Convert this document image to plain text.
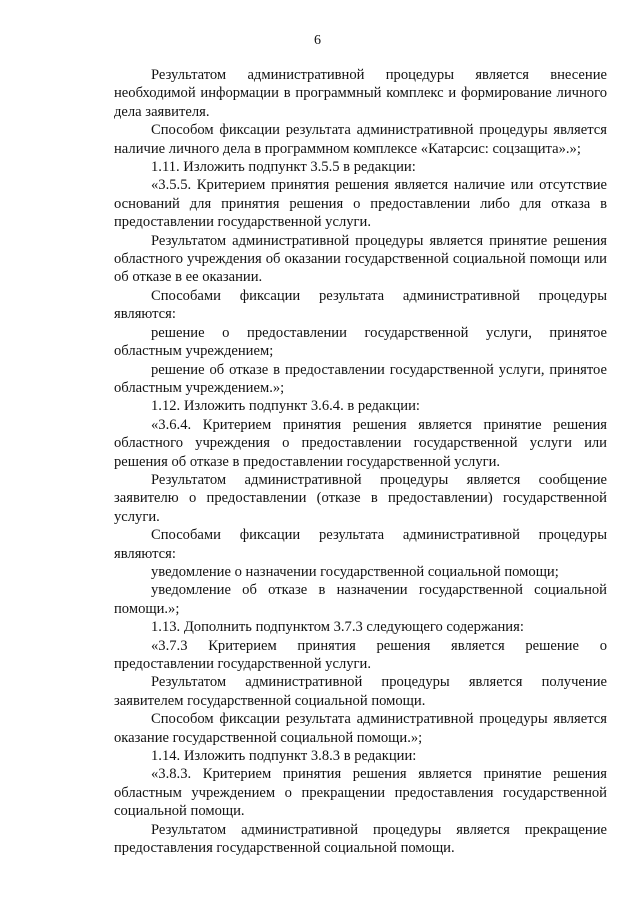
6

Результатом административной процедуры является внесение необходимой информации в программный комплекс и формирование личного дела заявителя.

Способом фиксации результата административной процедуры является наличие личного дела в программном комплексе «Катарсис: соцзащита».»;

1.11. Изложить подпункт 3.5.5 в редакции:

«3.5.5. Критерием принятия решения является наличие или отсутствие оснований для принятия решения о предоставлении либо для отказа в предоставлении государственной услуги.

Результатом административной процедуры является принятие решения областного учреждения об оказании государственной социальной помощи или об отказе в ее оказании.

Способами фиксации результата административной процедуры являются:

решение о предоставлении государственной услуги, принятое областным учреждением;

решение об отказе в предоставлении государственной услуги, принятое областным учреждением.»;

1.12. Изложить подпункт 3.6.4. в редакции:

«3.6.4. Критерием принятия решения является принятие решения областного учреждения о предоставлении государственной услуги или решения об отказе в предоставлении государственной услуги.

Результатом административной процедуры является сообщение заявителю о предоставлении (отказе в предоставлении) государственной услуги.

Способами фиксации результата административной процедуры являются:

уведомление о назначении государственной социальной помощи;

уведомление об отказе в назначении государственной социальной помощи.»;

1.13. Дополнить подпунктом 3.7.3 следующего содержания:

«3.7.3 Критерием принятия решения является решение о предоставлении государственной услуги.

Результатом административной процедуры является получение заявителем государственной социальной помощи.

Способом фиксации результата административной процедуры является оказание государственной социальной помощи.»;

1.14. Изложить подпункт 3.8.3 в редакции:

«3.8.3. Критерием принятия решения является принятие решения областным учреждением о прекращении предоставления государственной социальной помощи.

Результатом административной процедуры является прекращение предоставления государственной социальной помощи.
